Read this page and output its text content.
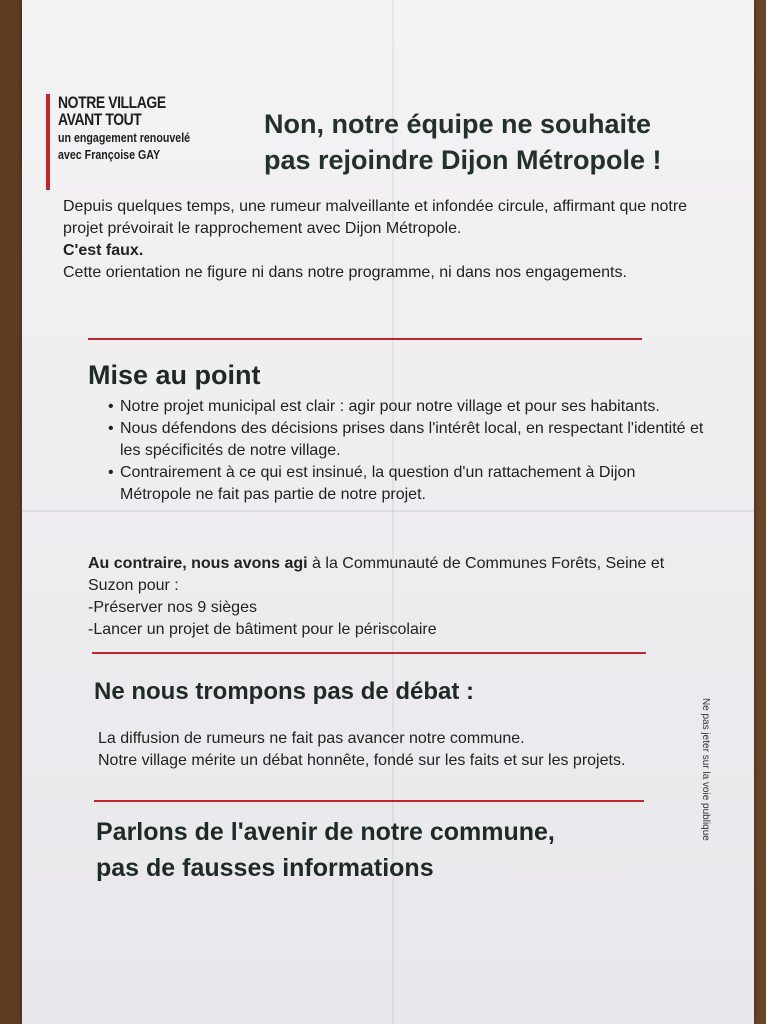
NOTRE VILLAGE
AVANT TOUT
un engagement renouvelé
avec Françoise GAY
Non, notre équipe ne souhaite pas rejoindre Dijon Métropole !

Depuis quelques temps, une rumeur malveillante et infondée circule, affirmant que notre projet prévoirait le rapprochement avec Dijon Métropole.

C'est faux.

Cette orientation ne figure ni dans notre programme, ni dans nos engagements.

Mise au point
• Notre projet municipal est clair : agir pour notre village et pour ses habitants.
• Nous défendons des décisions prises dans l'intérêt local, en respectant l'identité et les spécificités de notre village.
• Contrairement à ce qui est insinué, la question d'un rattachement à Dijon Métropole ne fait pas partie de notre projet.
Au contraire, nous avons agi à la Communauté de Communes Forêts, Seine et Suzon pour :
-Préserver nos 9 sièges
-Lancer un projet de bâtiment pour le périscolaire
Ne nous trompons pas de débat :
La diffusion de rumeurs ne fait pas avancer notre commune.
Notre village mérite un débat honnête, fondé sur les faits et sur les projets.
Parlons de l'avenir de notre commune,
pas de fausses informations
Ne pas jeter sur la voie publique
